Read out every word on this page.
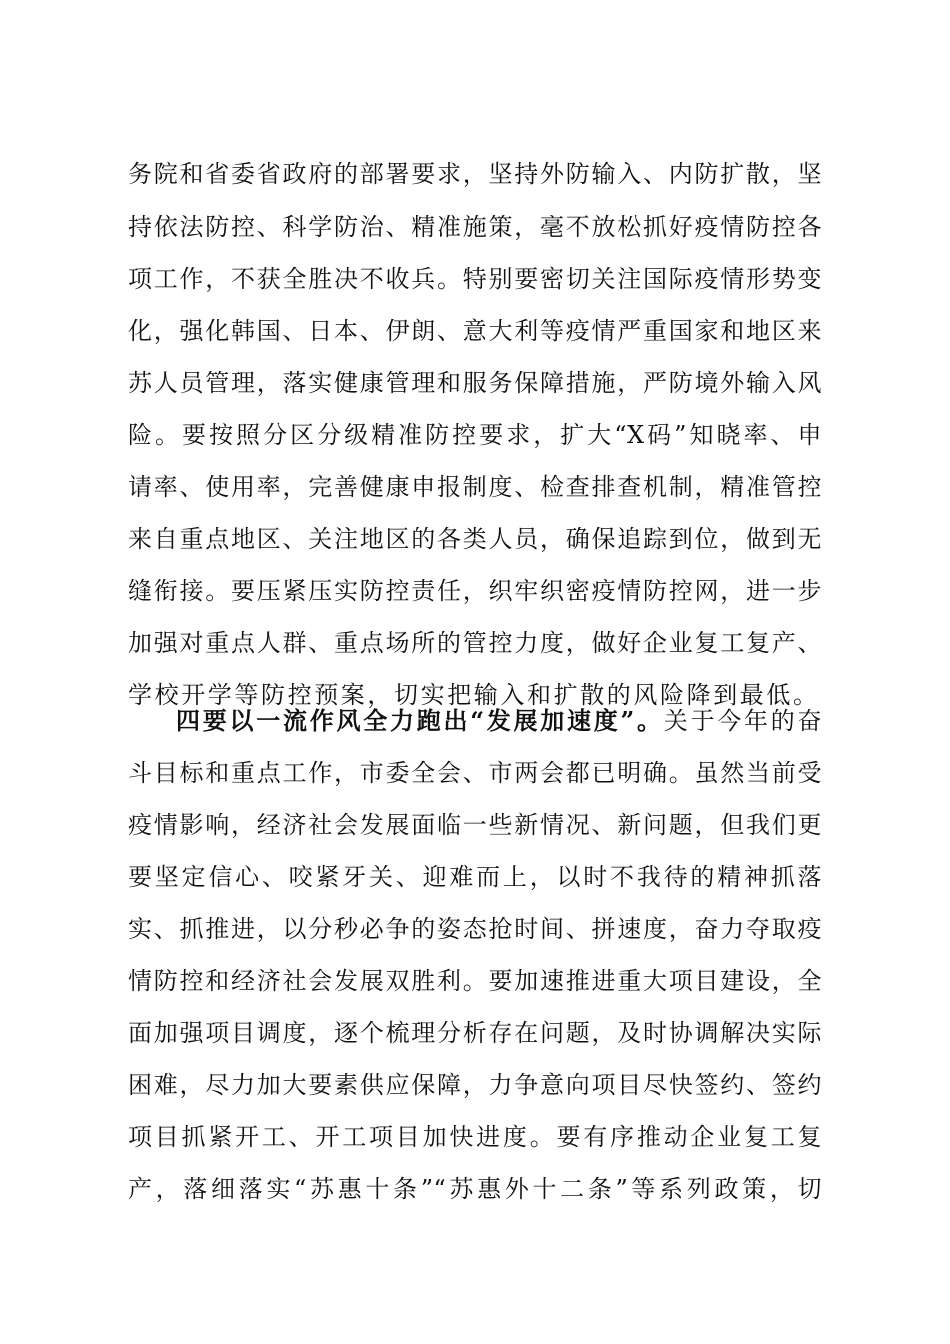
务院和省委省政府的部署要求，坚持外防输入、内防扩散，坚
持依法防控、科学防治、精准施策，毫不放松抓好疫情防控各
项工作，不获全胜决不收兵。特别要密切关注国际疫情形势变
化，强化韩国、日本、伊朗、意大利等疫情严重国家和地区来
苏人员管理，落实健康管理和服务保障措施，严防境外输入风
险。要按照分区分级精准防控要求，扩大“X码”知晓率、申
请率、使用率，完善健康申报制度、检查排查机制，精准管控
来自重点地区、关注地区的各类人员，确保追踪到位，做到无
缝衔接。要压紧压实防控责任，织牢织密疫情防控网，进一步
加强对重点人群、重点场所的管控力度，做好企业复工复产、
学校开学等防控预案，切实把输入和扩散的风险降到最低。
四要以一流作风全力跑出“发展加速度”。关于今年的奋
斗目标和重点工作，市委全会、市两会都已明确。虽然当前受
疫情影响，经济社会发展面临一些新情况、新问题，但我们更
要坚定信心、咬紧牙关、迎难而上，以时不我待的精神抓落
实、抓推进，以分秒必争的姿态抢时间、拼速度，奋力夺取疫
情防控和经济社会发展双胜利。要加速推进重大项目建设，全
面加强项目调度，逐个梳理分析存在问题，及时协调解决实际
困难，尽力加大要素供应保障，力争意向项目尽快签约、签约
项目抓紧开工、开工项目加快进度。要有序推动企业复工复
产，落细落实“苏惠十条”“苏惠外十二条”等系列政策，切
